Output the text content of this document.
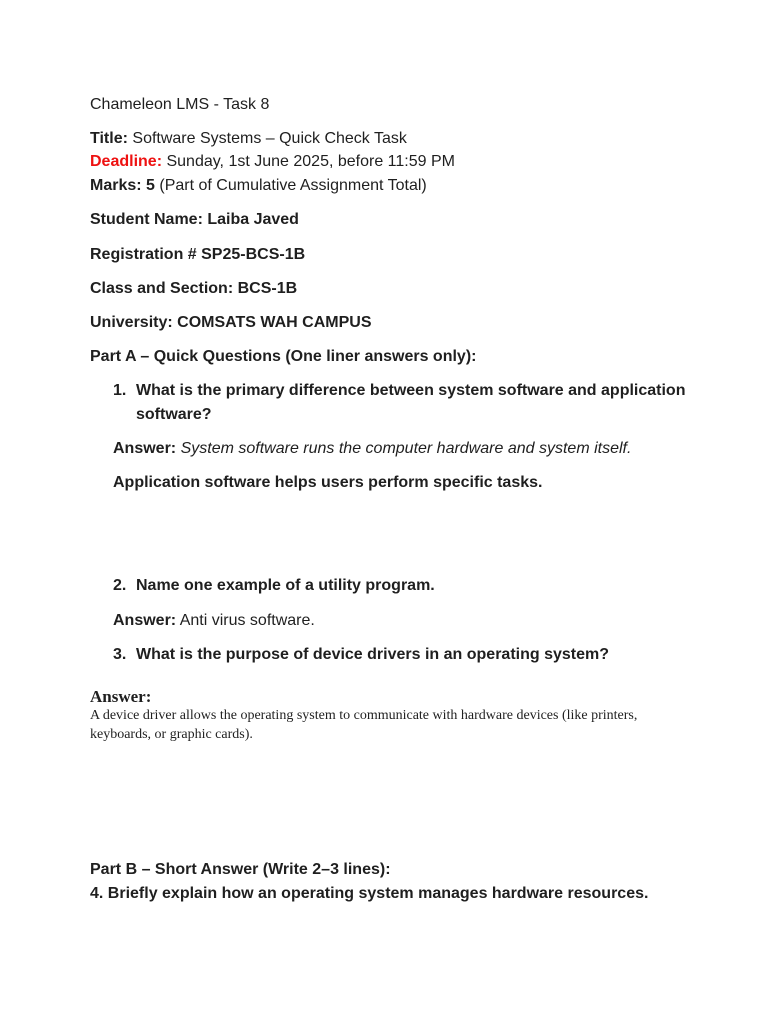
Chameleon LMS - Task 8
Title: Software Systems – Quick Check Task
Deadline: Sunday, 1st June 2025, before 11:59 PM
Marks: 5 (Part of Cumulative Assignment Total)
Student Name: Laiba Javed
Registration # SP25-BCS-1B
Class and Section: BCS-1B
University: COMSATS WAH CAMPUS
Part A – Quick Questions (One liner answers only):
1. What is the primary difference between system software and application software?
Answer: System software runs the computer hardware and system itself.
Application software helps users perform specific tasks.
2. Name one example of a utility program.
Answer: Anti virus software.
3. What is the purpose of device drivers in an operating system?
Answer:
A device driver allows the operating system to communicate with hardware devices (like printers, keyboards, or graphic cards).
Part B – Short Answer (Write 2–3 lines):
4. Briefly explain how an operating system manages hardware resources.
